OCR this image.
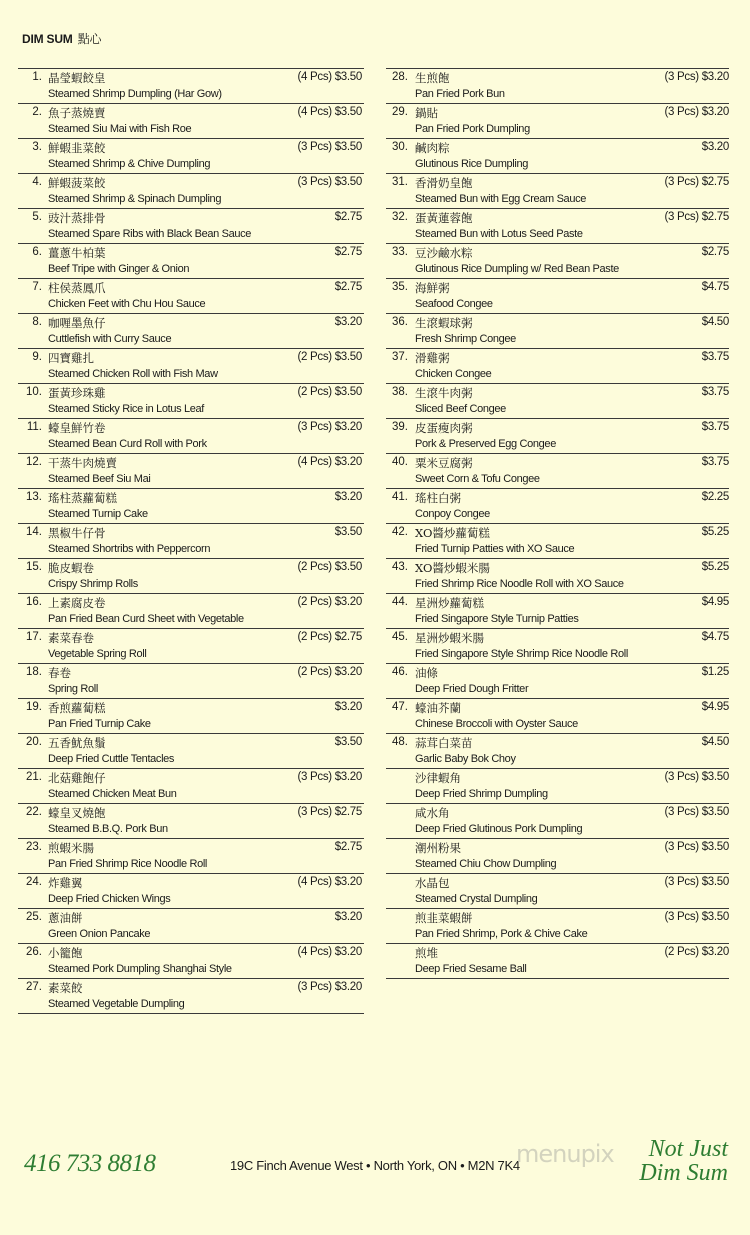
DIM SUM 點心
1. 晶瑩蝦餃皇
Steamed Shrimp Dumpling (Har Gow)
(4 Pcs) $3.50
2. 魚子蒸燒賣
Steamed Siu Mai with Fish Roe
(4 Pcs) $3.50
3. 鮮蝦韭菜餃
Steamed Shrimp & Chive Dumpling
(3 Pcs) $3.50
4. 鮮蝦菠菜餃
Steamed Shrimp & Spinach Dumpling
(3 Pcs) $3.50
5. 豉汁蒸排骨
Steamed Spare Ribs with Black Bean Sauce
$2.75
6. 薑蔥牛柏葉
Beef Tripe with Ginger & Onion
$2.75
7. 柱侯蒸鳳爪
Chicken Feet with Chu Hou Sauce
$2.75
8. 咖喱墨魚仔
Cuttlefish with Curry Sauce
$3.20
9. 四寶雞扎
Steamed Chicken Roll with Fish Maw
(2 Pcs) $3.50
10. 蛋黃珍珠雞
Steamed Sticky Rice in Lotus Leaf
(2 Pcs) $3.50
11. 蠔皇鮮竹卷
Steamed Bean Curd Roll with Pork
(3 Pcs) $3.20
12. 干蒸牛肉燒賣
Steamed Beef Siu Mai
(4 Pcs) $3.20
13. 瑤柱蒸蘿蔔糕
Steamed Turnip Cake
$3.20
14. 黑椒牛仔骨
Steamed Shortribs with Peppercorn
$3.50
15. 脆皮蝦卷
Crispy Shrimp Rolls
(2 Pcs) $3.50
16. 上素腐皮卷
Pan Fried Bean Curd Sheet with Vegetable
(2 Pcs) $3.20
17. 素菜春卷
Vegetable Spring Roll
(2 Pcs) $2.75
18. 春卷
Spring Roll
(2 Pcs) $3.20
19. 香煎蘿蔔糕
Pan Fried Turnip Cake
$3.20
20. 五香魷魚鬚
Deep Fried Cuttle Tentacles
$3.50
21. 北菇雞飽仔
Steamed Chicken Meat Bun
(3 Pcs) $3.20
22. 蠔皇叉燒飽
Steamed B.B.Q. Pork Bun
(3 Pcs) $2.75
23. 煎蝦米腸
Pan Fried Shrimp Rice Noodle Roll
$2.75
24. 炸雞翼
Deep Fried Chicken Wings
(4 Pcs) $3.20
25. 蔥油餅
Green Onion Pancake
$3.20
26. 小籠飽
Steamed Pork Dumpling Shanghai Style
(4 Pcs) $3.20
27. 素菜餃
Steamed Vegetable Dumpling
(3 Pcs) $3.20
28. 生煎飽
Pan Fried Pork Bun
(3 Pcs) $3.20
29. 鍋貼
Pan Fried Pork Dumpling
(3 Pcs) $3.20
30. 鹹肉粽
Glutinous Rice Dumpling
$3.20
31. 香滑奶皇飽
Steamed Bun with Egg Cream Sauce
(3 Pcs) $2.75
32. 蛋黃蓮蓉飽
Steamed Bun with Lotus Seed Paste
(3 Pcs) $2.75
33. 豆沙鹼水粽
Glutinous Rice Dumpling w/ Red Bean Paste
$2.75
35. 海鮮粥
Seafood Congee
$4.75
36. 生滾蝦球粥
Fresh Shrimp Congee
$4.50
37. 滑雞粥
Chicken Congee
$3.75
38. 生滾牛肉粥
Sliced Beef Congee
$3.75
39. 皮蛋瘦肉粥
Pork & Preserved Egg Congee
$3.75
40. 粟米豆腐粥
Sweet Corn & Tofu Congee
$3.75
41. 瑤柱白粥
Conpoy Congee
$2.25
42. XO醬炒蘿蔔糕
Fried Turnip Patties with XO Sauce
$5.25
43. XO醬炒蝦米腸
Fried Shrimp Rice Noodle Roll with XO Sauce
$5.25
44. 星洲炒蘿蔔糕
Fried Singapore Style Turnip Patties
$4.95
45. 星洲炒蝦米腸
Fried Singapore Style Shrimp Rice Noodle Roll
$4.75
46. 油條
Deep Fried Dough Fritter
$1.25
47. 蠔油芥蘭
Chinese Broccoli with Oyster Sauce
$4.95
48. 蒜茸白菜苗
Garlic Baby Bok Choy
$4.50
沙律蝦角
Deep Fried Shrimp Dumpling
(3 Pcs) $3.50
咸水角
Deep Fried Glutinous Pork Dumpling
(3 Pcs) $3.50
潮州粉果
Steamed Chiu Chow Dumpling
(3 Pcs) $3.50
水晶包
Steamed Crystal Dumpling
(3 Pcs) $3.50
煎韭菜蝦餅
Pan Fried Shrimp, Pork & Chive Cake
(3 Pcs) $3.50
煎堆
Deep Fried Sesame Ball
(2 Pcs) $3.20
416 733 8818	19C Finch Avenue West • North York, ON • M2N 7K4
menupix	Not Just
Dim Sum
